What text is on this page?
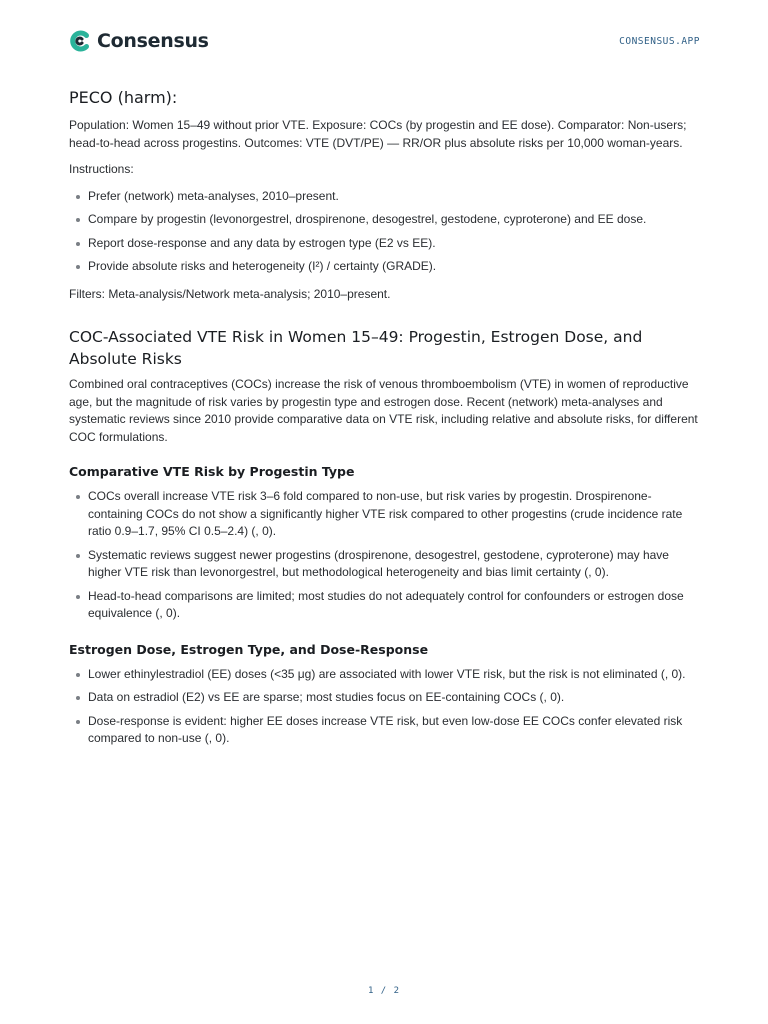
Consensus	CONSENSUS.APP
PECO (harm):

Population: Women 15–49 without prior VTE. Exposure: COCs (by progestin and EE dose). Comparator: Non-users; head-to-head across progestins. Outcomes: VTE (DVT/PE) — RR/OR plus absolute risks per 10,000 woman-years.

Instructions:

Prefer (network) meta-analyses, 2010–present.
Compare by progestin (levonorgestrel, drospirenone, desogestrel, gestodene, cyproterone) and EE dose.
Report dose-response and any data by estrogen type (E2 vs EE).
Provide absolute risks and heterogeneity (I²) / certainty (GRADE).

Filters: Meta-analysis/Network meta-analysis; 2010–present.

COC-Associated VTE Risk in Women 15–49: Progestin, Estrogen Dose, and Absolute Risks

Combined oral contraceptives (COCs) increase the risk of venous thromboembolism (VTE) in women of reproductive age, but the magnitude of risk varies by progestin type and estrogen dose. Recent (network) meta-analyses and systematic reviews since 2010 provide comparative data on VTE risk, including relative and absolute risks, for different COC formulations.

Comparative VTE Risk by Progestin Type
COCs overall increase VTE risk 3–6 fold compared to non-use, but risk varies by progestin. Drospirenone-containing COCs do not show a significantly higher VTE risk compared to other progestins (crude incidence rate ratio 0.9–1.7, 95% CI 0.5–2.4) (, 0).
Systematic reviews suggest newer progestins (drospirenone, desogestrel, gestodene, cyproterone) may have higher VTE risk than levonorgestrel, but methodological heterogeneity and bias limit certainty (, 0).
Head-to-head comparisons are limited; most studies do not adequately control for confounders or estrogen dose equivalence (, 0).
Estrogen Dose, Estrogen Type, and Dose-Response
Lower ethinylestradiol (EE) doses (<35 μg) are associated with lower VTE risk, but the risk is not eliminated (, 0).
Data on estradiol (E2) vs EE are sparse; most studies focus on EE-containing COCs (, 0).
Dose-response is evident: higher EE doses increase VTE risk, but even low-dose EE COCs confer elevated risk compared to non-use (, 0).
1 / 2
